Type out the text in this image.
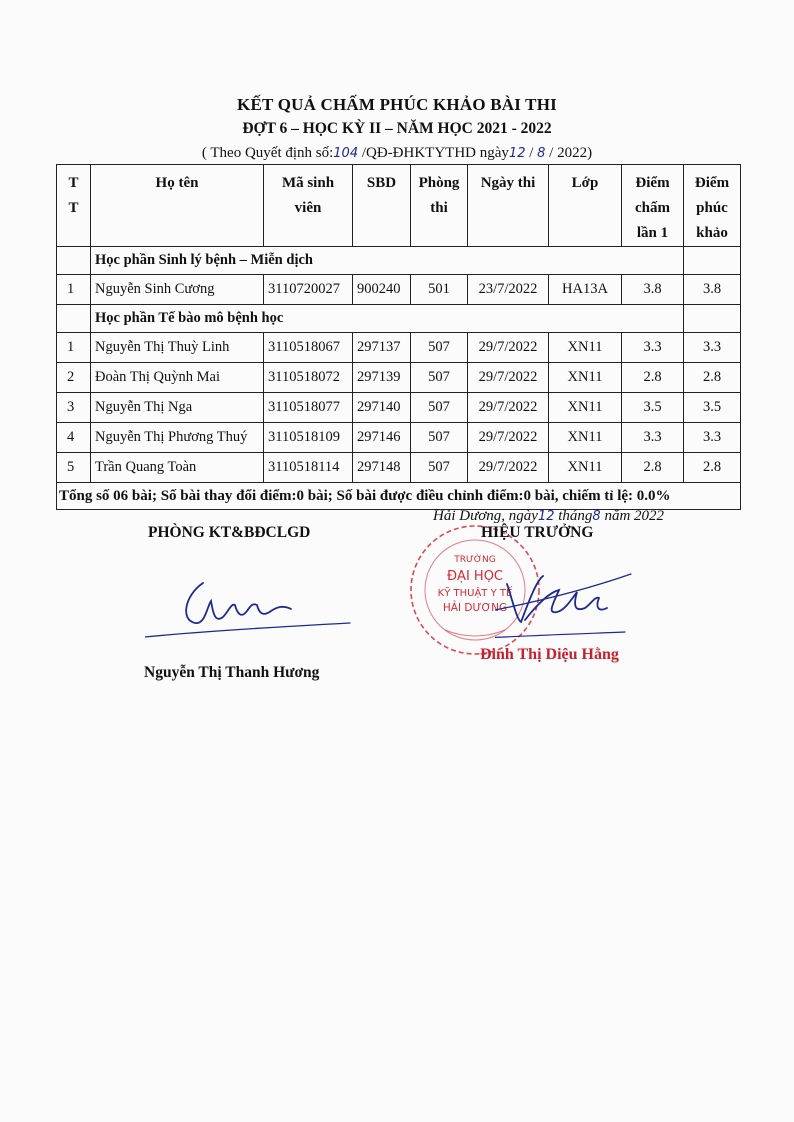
KẾT QUẢ CHẤM PHÚC KHẢO BÀI THI
ĐỢT 6 – HỌC KỲ II – NĂM HỌC 2021 - 2022
( Theo Quyết định số:104 /QĐ-ĐHKTYTHD ngày12 / 8 / 2022)
T T	Họ tên	Mã sinh viên	SBD	Phòng thi	Ngày thi	Lớp	Điểm chấm lần 1	Điểm phúc khảo
	Học phần Sinh lý bệnh – Miễn dịch							
1	Nguyễn Sinh Cương	3110720027	900240	501	23/7/2022	HA13A	3.8	3.8
	Học phần Tế bào mô bệnh học							
1	Nguyễn Thị Thuỳ Linh	3110518067	297137	507	29/7/2022	XN11	3.3	3.3
2	Đoàn Thị Quỳnh Mai	3110518072	297139	507	29/7/2022	XN11	2.8	2.8
3	Nguyễn Thị Nga	3110518077	297140	507	29/7/2022	XN11	3.5	3.5
4	Nguyễn Thị Phương Thuý	3110518109	297146	507	29/7/2022	XN11	3.3	3.3
5	Trần Quang Toàn	3110518114	297148	507	29/7/2022	XN11	2.8	2.8
Tổng số 06 bài; Số bài thay đổi điểm:0 bài; Số bài được điều chỉnh điểm:0 bài, chiếm tỉ lệ: 0.0%								
Hải Dương, ngày12 tháng8 năm 2022
PHÒNG KT&BĐCLGD
TRƯỜNG
ĐẠI HỌC
KỸ THUẬT Y TẾ
HẢI DƯƠNG
HIỆU TRƯỞNG
Nguyễn Thị Thanh Hương
Đinh Thị Diệu Hằng
